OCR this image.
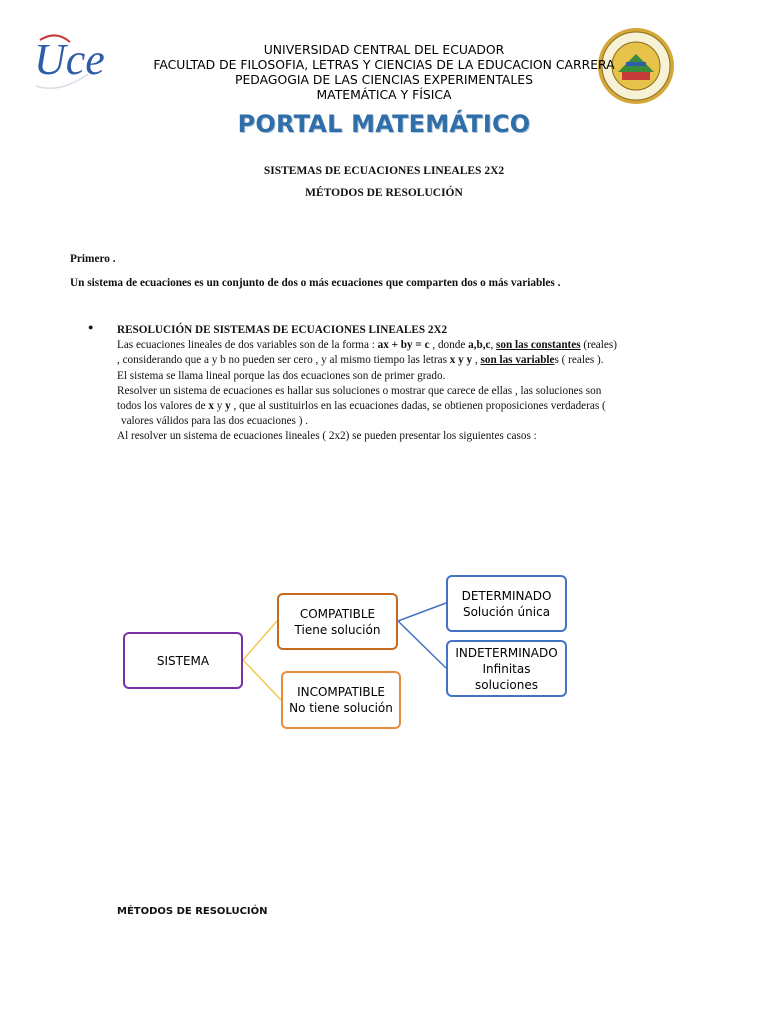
Uce	UNIVERSIDAD CENTRAL DEL ECUADOR
FACULTAD DE FILOSOFIA, LETRAS Y CIENCIAS DE LA EDUCACION CARRERA
PEDAGOGIA DE LAS CIENCIAS EXPERIMENTALES
MATEMÁTICA Y FÍSICA
PORTAL MATEMÁTICO
SISTEMAS DE ECUACIONES LINEALES 2X2
MÉTODOS DE RESOLUCIÓN
Primero .
Un sistema de ecuaciones es un conjunto de dos o más ecuaciones que comparten dos o más variables .
● RESOLUCIÓN DE SISTEMAS DE ECUACIONES LINEALES 2X2
Las ecuaciones lineales de dos variables son de la forma : ax + by = c , donde a,b,c, son las constantes (reales)
, considerando que a y b no pueden ser cero , y al mismo tiempo las letras x y y , son las variables ( reales ).
El sistema se llama lineal porque las dos ecuaciones son de primer grado.
Resolver un sistema de ecuaciones es hallar sus soluciones o mostrar que carece de ellas , las soluciones son
todos los valores de x y y , que al sustituirlos en las ecuaciones dadas, se obtienen proposiciones verdaderas (
valores válidos para las dos ecuaciones ) .
Al resolver un sistema de ecuaciones lineales ( 2x2) se pueden presentar los siguientes casos :
SISTEMA
COMPATIBLE
Tiene solución
INCOMPATIBLE
No tiene solución
DETERMINADO
Solución única
INDETERMINADO
Infinitas
soluciones
MÉTODOS DE RESOLUCIÓN
